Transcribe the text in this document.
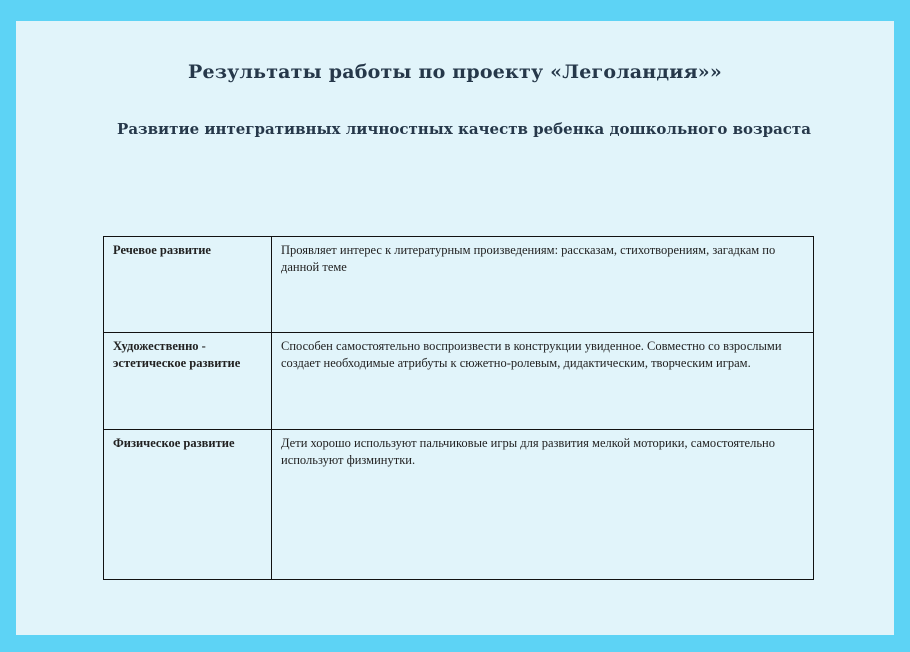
Результаты работы по проекту «Леголандия»»
Развитие интегративных личностных качеств ребенка дошкольного возраста
Речевое развитие	Проявляет интерес к литературным произведениям: рассказам, стихотворениям, загадкам по данной теме
Художественно - эстетическое развитие	Способен самостоятельно воспроизвести в конструкции увиденное. Совместно со взрослыми создает необходимые атрибуты к сюжетно-ролевым, дидактическим, творческим играм.
Физическое развитие	Дети хорошо используют пальчиковые игры для развития мелкой моторики, самостоятельно используют физминутки.
